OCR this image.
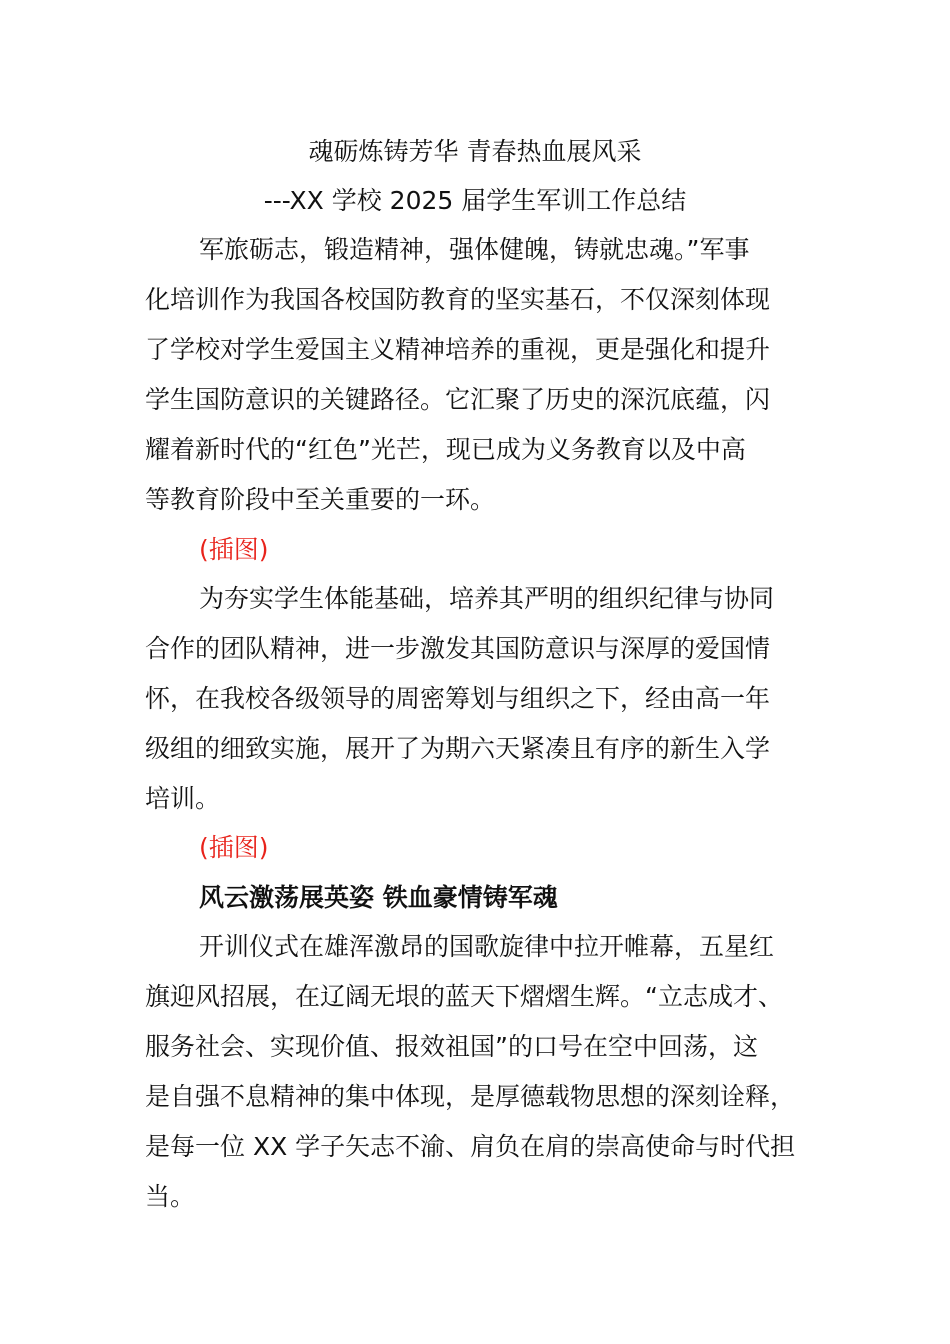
魂砺炼铸芳华 青春热血展风采
---XX 学校 2025 届学生军训工作总结
军旅砺志，锻造精神，强体健魄，铸就忠魂。”军事
化培训作为我国各校国防教育的坚实基石，不仅深刻体现
了学校对学生爱国主义精神培养的重视，更是强化和提升
学生国防意识的关键路径。它汇聚了历史的深沉底蕴，闪
耀着新时代的“红色”光芒，现已成为义务教育以及中高
等教育阶段中至关重要的一环。
(插图)
为夯实学生体能基础，培养其严明的组织纪律与协同
合作的团队精神，进一步激发其国防意识与深厚的爱国情
怀，在我校各级领导的周密筹划与组织之下，经由高一年
级组的细致实施，展开了为期六天紧凑且有序的新生入学
培训。
(插图)
风云激荡展英姿 铁血豪情铸军魂
开训仪式在雄浑激昂的国歌旋律中拉开帷幕，五星红
旗迎风招展，在辽阔无垠的蓝天下熠熠生辉。“立志成才、
服务社会、实现价值、报效祖国”的口号在空中回荡，这
是自强不息精神的集中体现，是厚德载物思想的深刻诠释，
是每一位 XX 学子矢志不渝、肩负在肩的崇高使命与时代担
当。
